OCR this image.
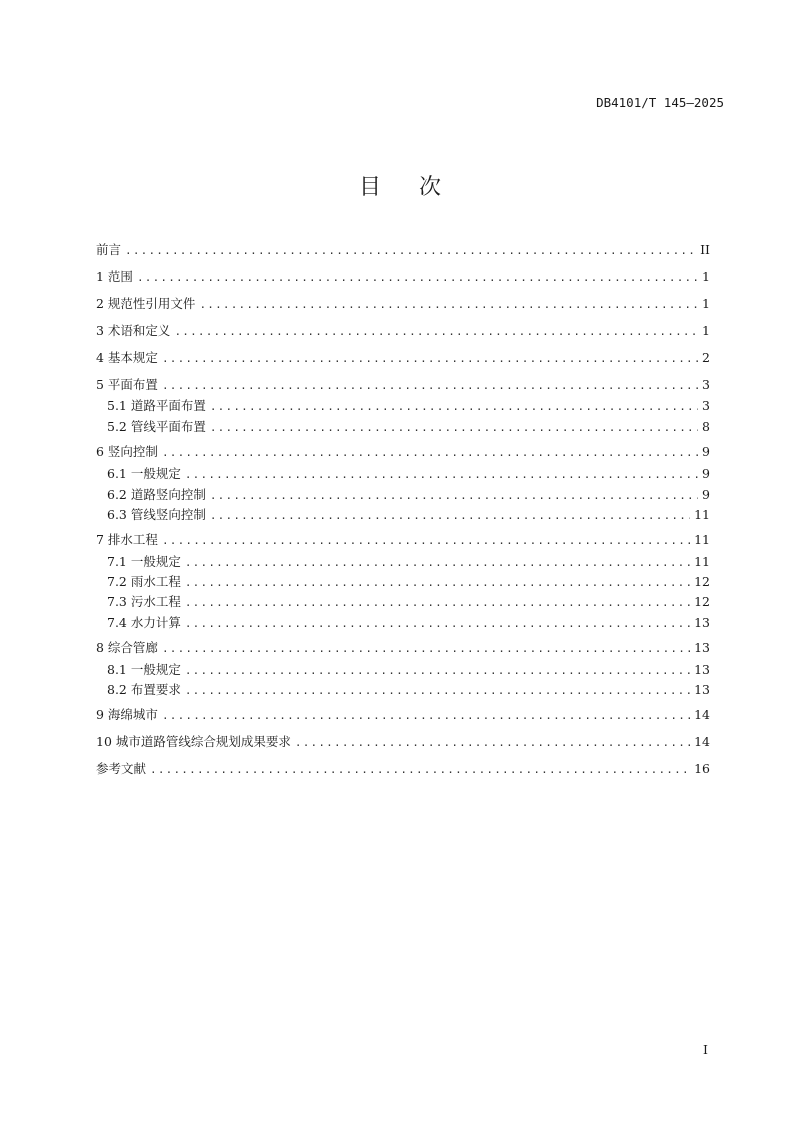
DB4101/T 145—2025
目 次
前言 .....	II
1 范围 .....	1
2 规范性引用文件 .....	1
3 术语和定义 .....	1
4 基本规定 .....	2
5 平面布置 .....	3
5.1 道路平面布置 .....	3
5.2 管线平面布置 .....	8
6 竖向控制 .....	9
6.1 一般规定 .....	9
6.2 道路竖向控制 .....	9
6.3 管线竖向控制 .....	11
7 排水工程 .....	11
7.1 一般规定 .....	11
7.2 雨水工程 .....	12
7.3 污水工程 .....	12
7.4 水力计算 .....	13
8 综合管廊 .....	13
8.1 一般规定 .....	13
8.2 布置要求 .....	13
9 海绵城市 .....	14
10 城市道路管线综合规划成果要求 .....	14
参考文献 .....	16
I
